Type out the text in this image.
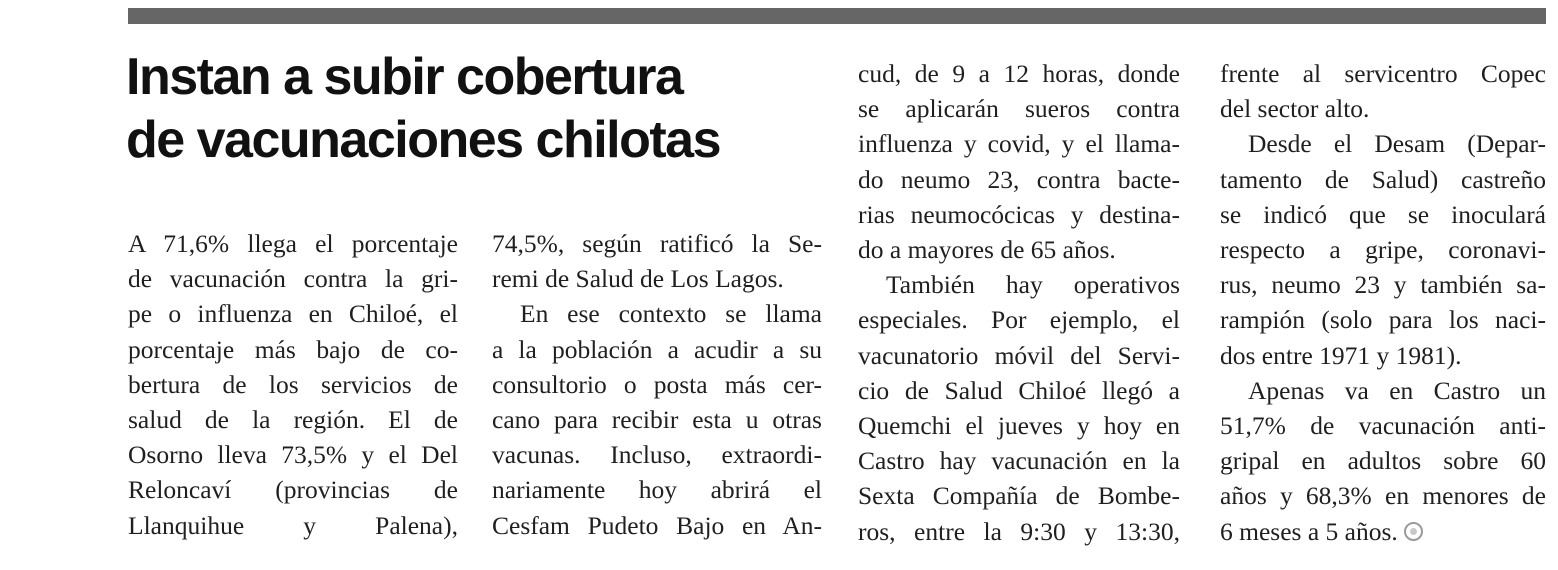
Instan a subir cobertura
de vacunaciones chilotas
A 71,6% llega el porcentaje
de vacunación contra la gri-
pe o influenza en Chiloé, el
porcentaje más bajo de co-
bertura de los servicios de
salud de la región. El de
Osorno lleva 73,5% y el Del
Reloncaví (provincias de
Llanquihue y Palena),
74,5%, según ratificó la Se-
remi de Salud de Los Lagos.
En ese contexto se llama
a la población a acudir a su
consultorio o posta más cer-
cano para recibir esta u otras
vacunas. Incluso, extraordi-
nariamente hoy abrirá el
Cesfam Pudeto Bajo en An-
cud, de 9 a 12 horas, donde
se aplicarán sueros contra
influenza y covid, y el llama-
do neumo 23, contra bacte-
rias neumocócicas y destina-
do a mayores de 65 años.
También hay operativos
especiales. Por ejemplo, el
vacunatorio móvil del Servi-
cio de Salud Chiloé llegó a
Quemchi el jueves y hoy en
Castro hay vacunación en la
Sexta Compañía de Bombe-
ros, entre la 9:30 y 13:30,
frente al servicentro Copec
del sector alto.
Desde el Desam (Depar-
tamento de Salud) castreño
se indicó que se inoculará
respecto a gripe, coronavi-
rus, neumo 23 y también sa-
rampión (solo para los naci-
dos entre 1971 y 1981).
Apenas va en Castro un
51,7% de vacunación anti-
gripal en adultos sobre 60
años y 68,3% en menores de
6 meses a 5 años.
